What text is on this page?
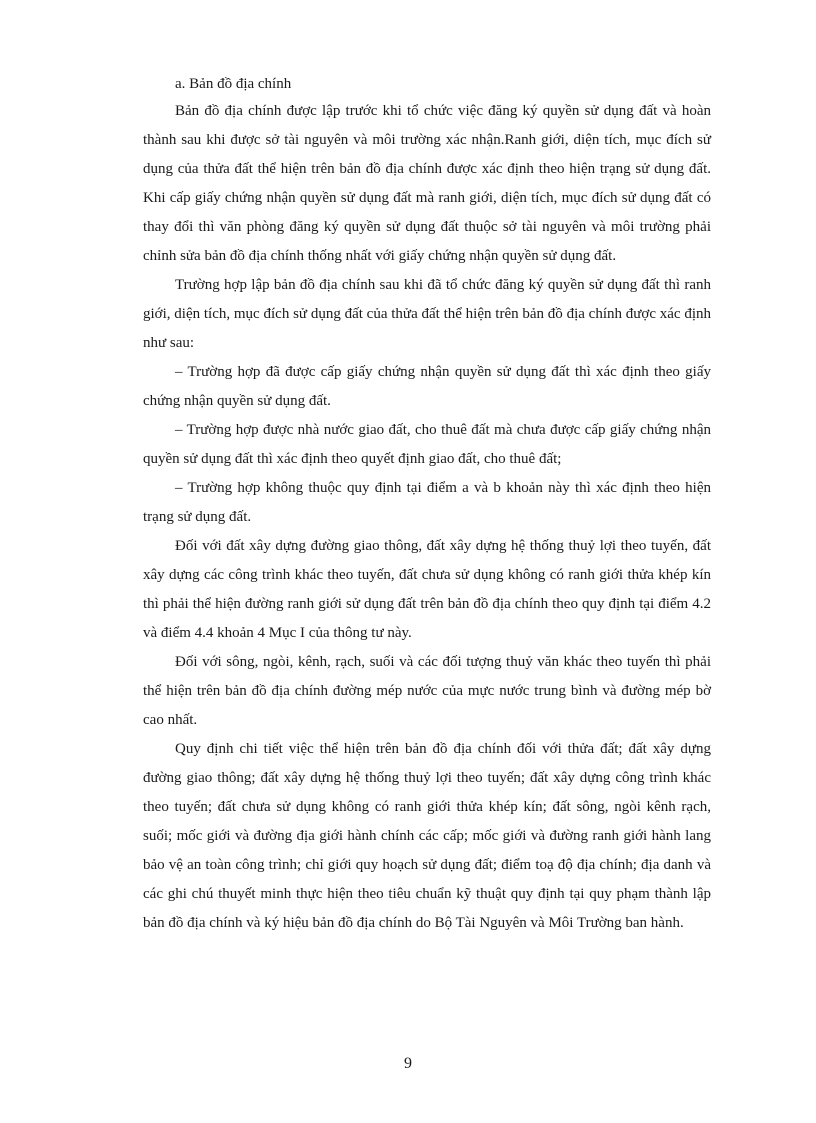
a. Bản đồ địa chính

Bản đồ địa chính được lập trước khi tổ chức việc đăng ký quyền sử dụng đất và hoàn thành sau khi được sở tài nguyên và môi trường xác nhận.Ranh giới, diện tích, mục đích sử dụng của thửa đất thể hiện trên bản đồ địa chính được xác định theo hiện trạng sử dụng đất. Khi cấp giấy chứng nhận quyền sử dụng đất mà ranh giới, diện tích, mục đích sử dụng đất có thay đổi thì văn phòng đăng ký quyền sử dụng đất thuộc sở tài nguyên và môi trường phải chỉnh sửa bản đồ địa chính thống nhất với giấy chứng nhận quyền sử dụng đất.

Trường hợp lập bản đồ địa chính sau khi đã tổ chức đăng ký quyền sử dụng đất thì ranh giới, diện tích, mục đích sử dụng đất của thửa đất thể hiện trên bản đồ địa chính được xác định như sau:

– Trường hợp đã được cấp giấy chứng nhận quyền sử dụng đất thì xác định theo giấy chứng nhận quyền sử dụng đất.

– Trường hợp được nhà nước giao đất, cho thuê đất mà chưa được cấp giấy chứng nhận quyền sử dụng đất thì xác định theo quyết định giao đất, cho thuê đất;

– Trường hợp không thuộc quy định tại điểm a và b khoản này thì xác định theo hiện trạng sử dụng đất.

Đối với đất xây dựng đường giao thông, đất xây dựng hệ thống thuỷ lợi theo tuyến, đất xây dựng các công trình khác theo tuyến, đất chưa sử dụng không có ranh giới thửa khép kín thì phải thể hiện đường ranh giới sử dụng đất trên bản đồ địa chính theo quy định tại điểm 4.2 và điểm 4.4 khoản 4 Mục I của thông tư này.

Đối với sông, ngòi, kênh, rạch, suối và các đối tượng thuỷ văn khác theo tuyến thì phải thể hiện trên bản đồ địa chính đường mép nước của mực nước trung bình và đường mép bờ cao nhất.

Quy định chi tiết việc thể hiện trên bản đồ địa chính đối với thửa đất; đất xây dựng đường giao thông; đất xây dựng hệ thống thuỷ lợi theo tuyến; đất xây dựng công trình khác theo tuyến; đất chưa sử dụng không có ranh giới thửa khép kín; đất sông, ngòi kênh rạch, suối; mốc giới và đường địa giới hành chính các cấp; mốc giới và đường ranh giới hành lang bảo vệ an toàn công trình; chỉ giới quy hoạch sử dụng đất; điểm toạ độ địa chính; địa danh và các ghi chú thuyết minh thực hiện theo tiêu chuẩn kỹ thuật quy định tại quy phạm thành lập bản đồ địa chính và ký hiệu bản đồ địa chính do Bộ Tài Nguyên và Môi Trường ban hành.

9
